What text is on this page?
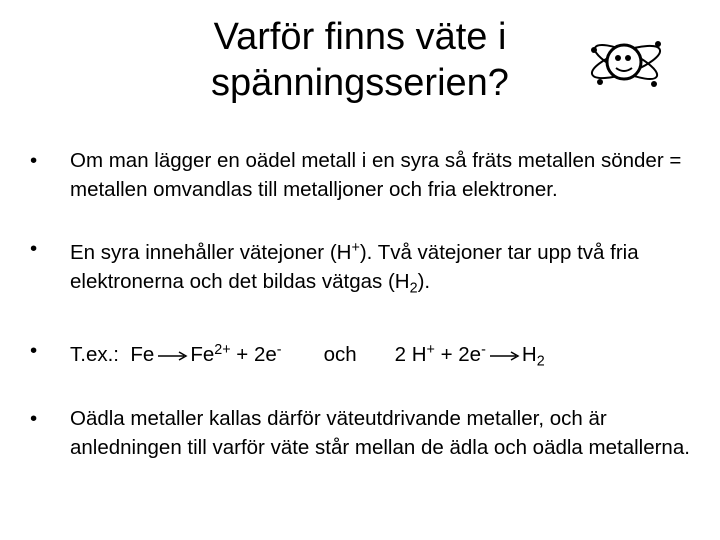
Varför finns väte i
spänningsserien?
• Om man lägger en oädel metall i en syra så fräts metallen sönder = metallen omvandlas till metalljoner och fria elektroner.
• En syra innehåller vätejoner (H+). Två vätejoner tar upp två fria elektronerna och det bildas vätgas $(H_2)$.
• T.ex.:  $Fe\to Fe^{2+} + 2e^-$ och 2 $H^+ + 2e^-\to H_2$
• Oädla metaller kallas därför väteutdrivande metaller, och är anledningen till varför väte står mellan de ädla och oädla metallerna.
